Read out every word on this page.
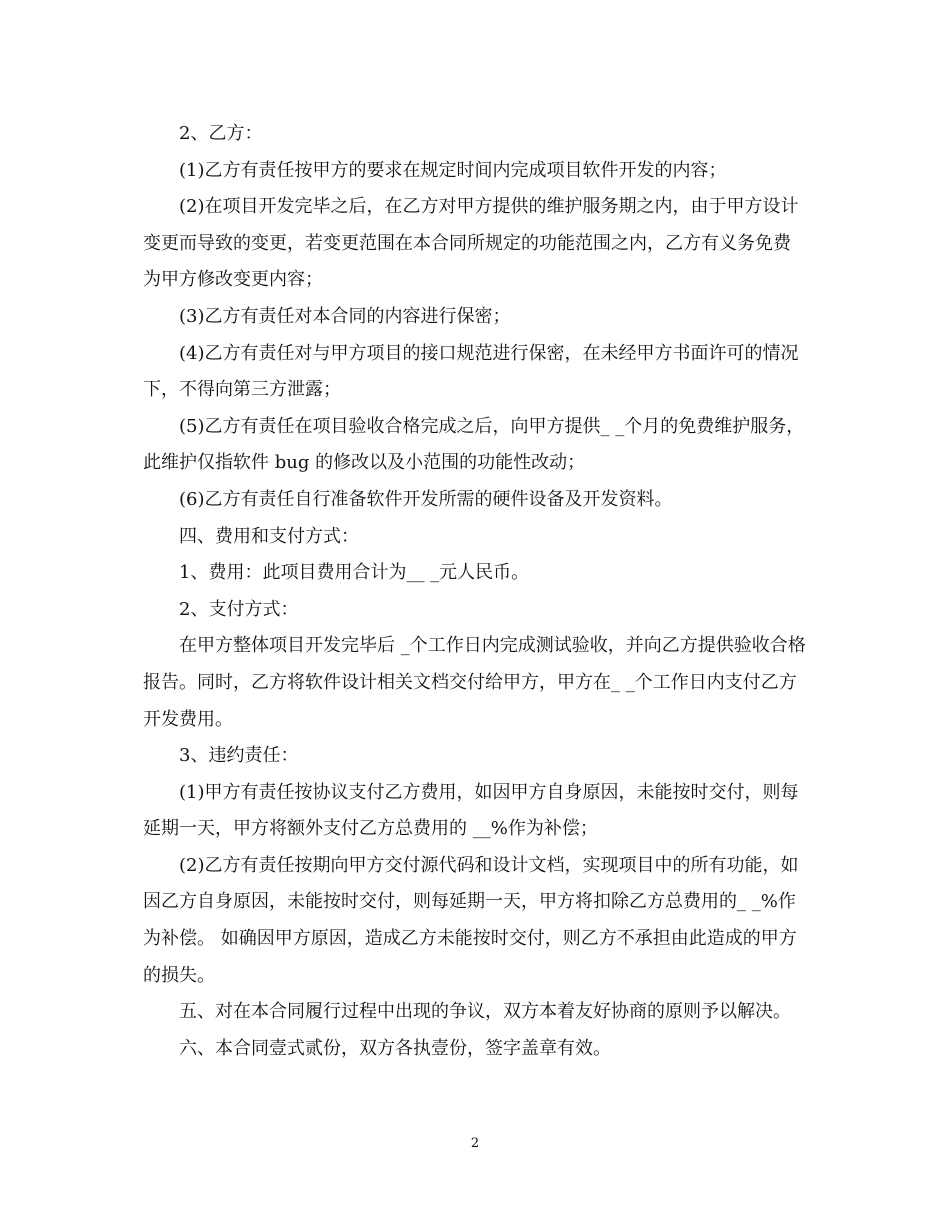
2、乙方：

(1)乙方有责任按甲方的要求在规定时间内完成项目软件开发的内容；

(2)在项目开发完毕之后，在乙方对甲方提供的维护服务期之内，由于甲方设计变更而导致的变更，若变更范围在本合同所规定的功能范围之内，乙方有义务免费为甲方修改变更内容；

(3)乙方有责任对本合同的内容进行保密；

(4)乙方有责任对与甲方项目的接口规范进行保密，在未经甲方书面许可的情况下，不得向第三方泄露；

(5)乙方有责任在项目验收合格完成之后，向甲方提供_ _个月的免费维护服务，此维护仅指软件 bug 的修改以及小范围的功能性改动；

(6)乙方有责任自行准备软件开发所需的硬件设备及开发资料。

四、费用和支付方式：

1、费用：此项目费用合计为__ _元人民币。

2、支付方式：

在甲方整体项目开发完毕后 _个工作日内完成测试验收，并向乙方提供验收合格报告。同时，乙方将软件设计相关文档交付给甲方，甲方在_ _个工作日内支付乙方开发费用。

3、违约责任：

(1)甲方有责任按协议支付乙方费用，如因甲方自身原因，未能按时交付，则每延期一天，甲方将额外支付乙方总费用的 __%作为补偿；

(2)乙方有责任按期向甲方交付源代码和设计文档，实现项目中的所有功能，如因乙方自身原因，未能按时交付，则每延期一天，甲方将扣除乙方总费用的_ _%作为补偿。 如确因甲方原因，造成乙方未能按时交付，则乙方不承担由此造成的甲方的损失。

五、对在本合同履行过程中出现的争议，双方本着友好协商的原则予以解决。

六、本合同壹式贰份，双方各执壹份，签字盖章有效。

2
